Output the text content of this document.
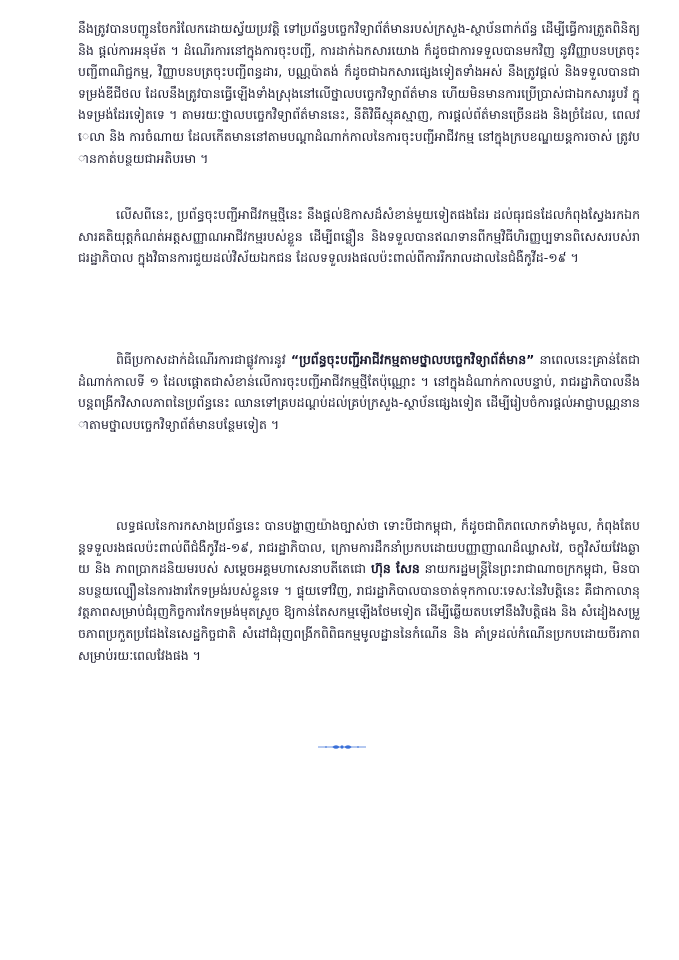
នឹងត្រូវបានបញ្ជូនចែករំលែកដោយស្វ័យប្រវត្តិ ទៅប្រព័ន្ធបច្ចេកវិទ្យាព័ត៌មានរបស់ក្រសួង-ស្ថាប័នពាក់ព័ន្ធ ដើម្បីធ្វើការត្រួតពិនិត្យ និង ផ្តល់ការអនុម័ត ។ ដំណើរការនៅក្នុងការចុះបញ្ជី, ការដាក់ឯកសារយោង ក៏ដូចជាការទទួលបានមកវិញ នូវវិញ្ញាបនបត្រចុះបញ្ជីពាណិជ្ជកម្ម, វិញ្ញាបនបត្រចុះបញ្ជីពន្ធដារ, បណ្ណប៉ាតង់ ក៏ដូចជាឯកសារផ្សេងទៀតទាំងអស់ នឹងត្រូវផ្តល់ និងទទួលបានជាទម្រង់ឌីជីថល ដែលនឹងត្រូវបានធ្វើឡើងទាំងស្រុងនៅលើថ្នាលបច្ចេកវិទ្យាព័ត៌មាន ហើយមិនមានការប្រើប្រាស់ជាឯកសាររូបវ័ ក្នុងទម្រង់ដែរទៀតទេ ។ តាមរយៈថ្នាលបច្ចេកវិទ្យាព័ត៌មាននេះ, នីតិវិធីស្មុគស្មាញ, ការផ្តល់ព័ត៌មានច្រើនដង និងច្រំដែល, ពេលវេលា និង ការចំណាយ ដែលកើតមាននៅតាមបណ្តាដំណាក់កាលនៃការចុះបញ្ជីអាជីវកម្ម នៅក្នុងក្របខណ្ឌយន្តការចាស់ ត្រូវបានកាត់បន្ថយជាអតិបរមា ។

លើសពីនេះ, ប្រព័ន្ធចុះបញ្ជីអាជីវកម្មថ្មីនេះ នឹងផ្តល់ឱកាសដ៏សំខាន់មួយទៀតផងដែរ ដល់ធុរជនដែលកំពុងស្វែងរកឯកសារគតិយុត្តកំណត់អត្តសញ្ញាណអាជីវកម្មរបស់ខ្លួន ដើម្បីពន្លឿន និងទទួលបានឥណទានពីកម្មវិធីហិរញ្ញប្បទានពិសេសរបស់រាជរដ្ឋាភិបាល ក្នុងវិធានការជួយដល់វិស័យឯកជន ដែលទទួលរងផលប៉ះពាល់ពីការរីករាលដាលនៃជំងឺកូវីដ-១៩ ។

ពិធីប្រកាសដាក់ដំណើរការជាផ្លូវការនូវ “ប្រព័ន្ធចុះបញ្ជីអាជីវកម្មតាមថ្នាលបច្ចេកវិទ្យាព័ត៌មាន” នាពេលនេះគ្រាន់តែជាដំណាក់កាលទី ១ ដែលផ្តោតជាសំខាន់លើការចុះបញ្ជីអាជីវកម្មថ្មីតែប៉ុណ្ណោះ ។ នៅក្នុងដំណាក់កាលបន្ទាប់, រាជរដ្ឋាភិបាលនឹងបន្តពង្រីកវិសាលភាពនៃប្រព័ន្ធនេះ ឈានទៅគ្របដណ្តប់ដល់គ្រប់ក្រសួង-ស្ថាប័នផ្សេងទៀត ដើម្បីរៀបចំការផ្តល់អាជ្ញាបណ្ណនានាតាមថ្នាលបច្ចេកវិទ្យាព័ត៌មានបន្ថែមទៀត ។

លទ្ធផលនៃការកសាងប្រព័ន្ធនេះ បានបង្ហាញយ៉ាងច្បាស់ថា ទោះបីជាកម្ពុជា, ក៏ដូចជាពិភពលោកទាំងមូល, កំពុងតែបន្តទទួលរងផលប៉ះពាល់ពីជំងឺកូវីដ-១៩, រាជរដ្ឋាភិបាល, ក្រោមការដឹកនាំប្រកបដោយបញ្ញាញាណដ៏ឈ្លាសវៃ, ចក្ខុវិស័យវែងឆ្ងាយ និង ភាពប្រាកដនិយមរបស់ សម្តេចអគ្គមហាសេនាបតីតេជោ ហ៊ុន សែន នាយករដ្ឋមន្ត្រីនៃព្រះរាជាណាចក្រកម្ពុជា, មិនបានបន្ថយល្បឿននៃការងារកែទម្រង់របស់ខ្លួនទេ ។ ផ្ទុយទៅវិញ, រាជរដ្ឋាភិបាលបានចាត់ទុកកាលៈទេសៈនៃវិបត្តិនេះ គឺជាកាលានុវត្តភាពសម្រាប់ជំរុញកិច្ចការកែទម្រង់មុតស្រួច ឱ្យកាន់តែសកម្មឡើងថែមទៀត ដើម្បីឆ្លើយតបទៅនឹងវិបត្តិផង និង សំដៀងសម្រួចភាពប្រកួតប្រជែងនៃសេដ្ឋកិច្ចជាតិ សំដៅជំរុញពង្រីកពិពិធកម្មមូលដ្ឋាននៃកំណើន និង គាំទ្រដល់កំណើនប្រកបដោយចីរភាពសម្រាប់រយៈពេលវែងផង ។
